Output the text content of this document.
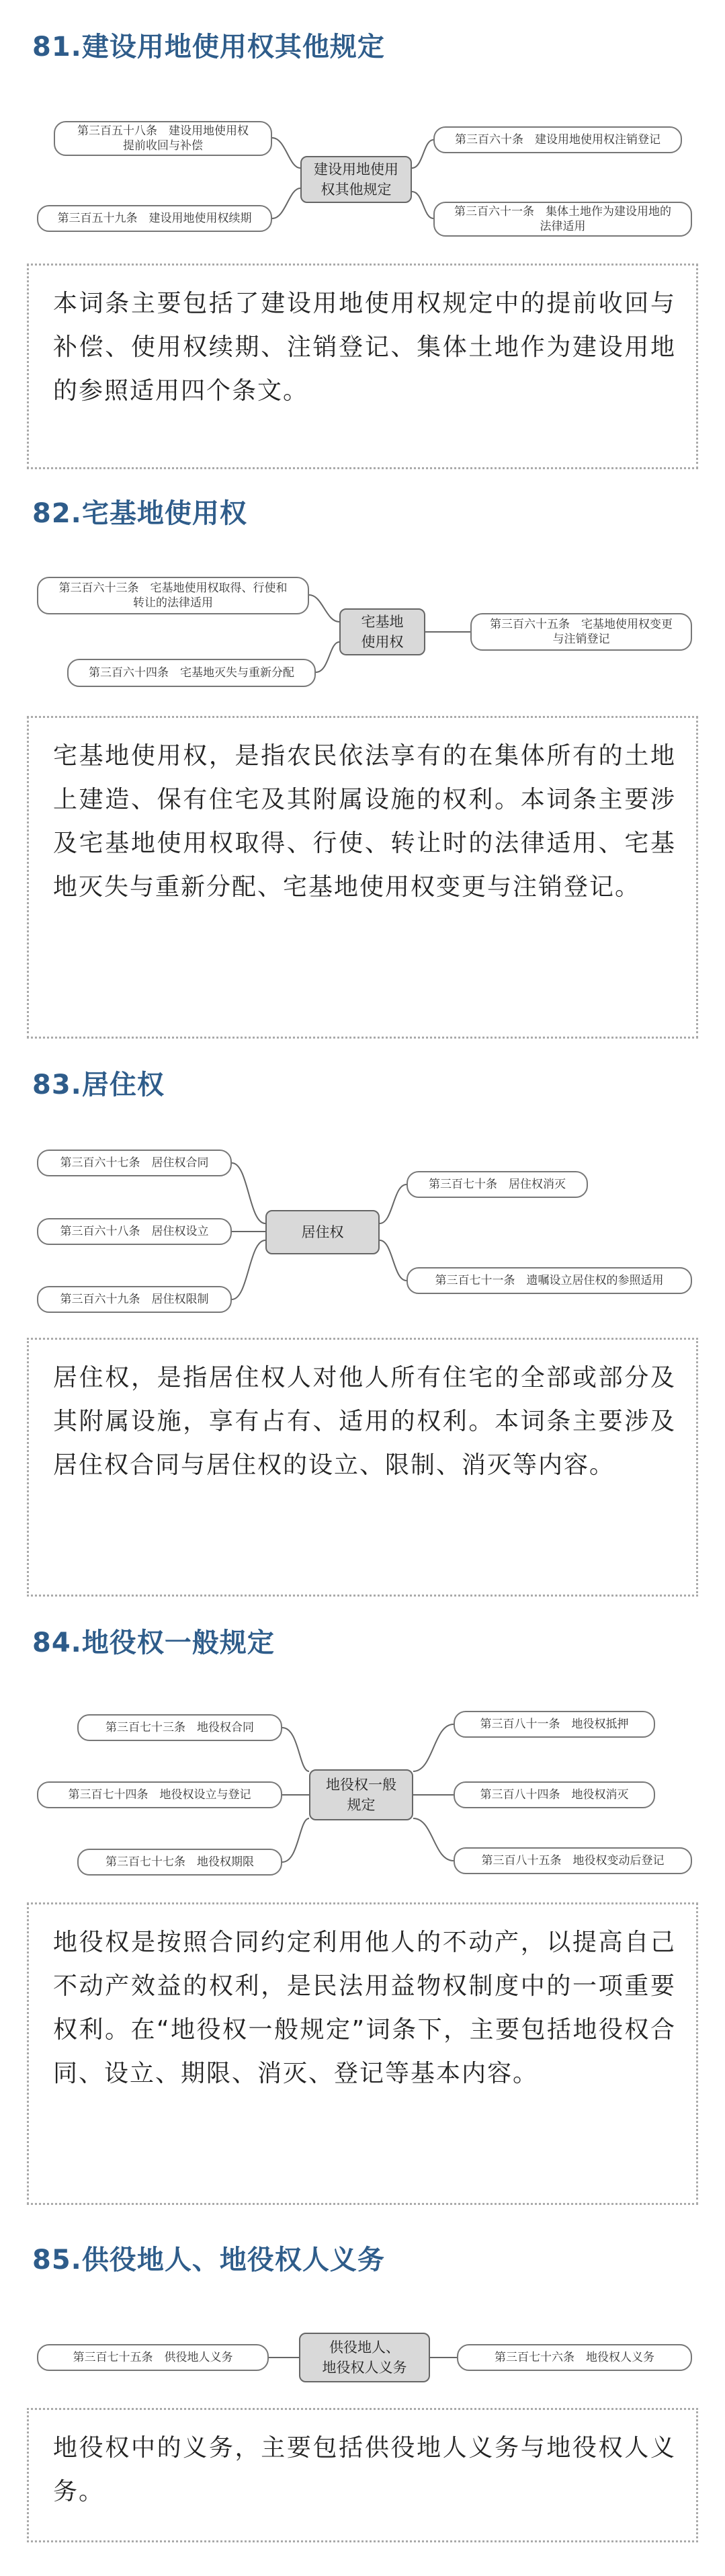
81.建设用地使用权其他规定
第三百五十八条　建设用地使用权
提前收回与补偿
第三百五十九条　建设用地使用权续期
建设用地使用
权其他规定
第三百六十条　建设用地使用权注销登记
第三百六十一条　集体土地作为建设用地的
法律适用
本词条主要包括了建设用地使用权规定中的提前收回与补偿、使用权续期、注销登记、集体土地作为建设用地的参照适用四个条文。
82.宅基地使用权
第三百六十三条　宅基地使用权取得、行使和
转让的法律适用
第三百六十四条　宅基地灭失与重新分配
宅基地
使用权
第三百六十五条　宅基地使用权变更
与注销登记
宅基地使用权，是指农民依法享有的在集体所有的土地上建造、保有住宅及其附属设施的权利。本词条主要涉及宅基地使用权取得、行使、转让时的法律适用、宅基地灭失与重新分配、宅基地使用权变更与注销登记。
83.居住权
第三百六十七条　居住权合同
第三百六十八条　居住权设立
第三百六十九条　居住权限制
居住权
第三百七十条　居住权消灭
第三百七十一条　遗嘱设立居住权的参照适用
居住权，是指居住权人对他人所有住宅的全部或部分及其附属设施，享有占有、适用的权利。本词条主要涉及居住权合同与居住权的设立、限制、消灭等内容。
84.地役权一般规定
第三百七十三条　地役权合同
第三百七十四条　地役权设立与登记
第三百七十七条　地役权期限
地役权一般
规定
第三百八十一条　地役权抵押
第三百八十四条　地役权消灭
第三百八十五条　地役权变动后登记
地役权是按照合同约定利用他人的不动产，以提高自己不动产效益的权利，是民法用益物权制度中的一项重要权利。在“地役权一般规定”词条下，主要包括地役权合同、设立、期限、消灭、登记等基本内容。
85.供役地人、地役权人义务
第三百七十五条　供役地人义务
供役地人、
地役权人义务
第三百七十六条　地役权人义务
地役权中的义务，主要包括供役地人义务与地役权人义务。
